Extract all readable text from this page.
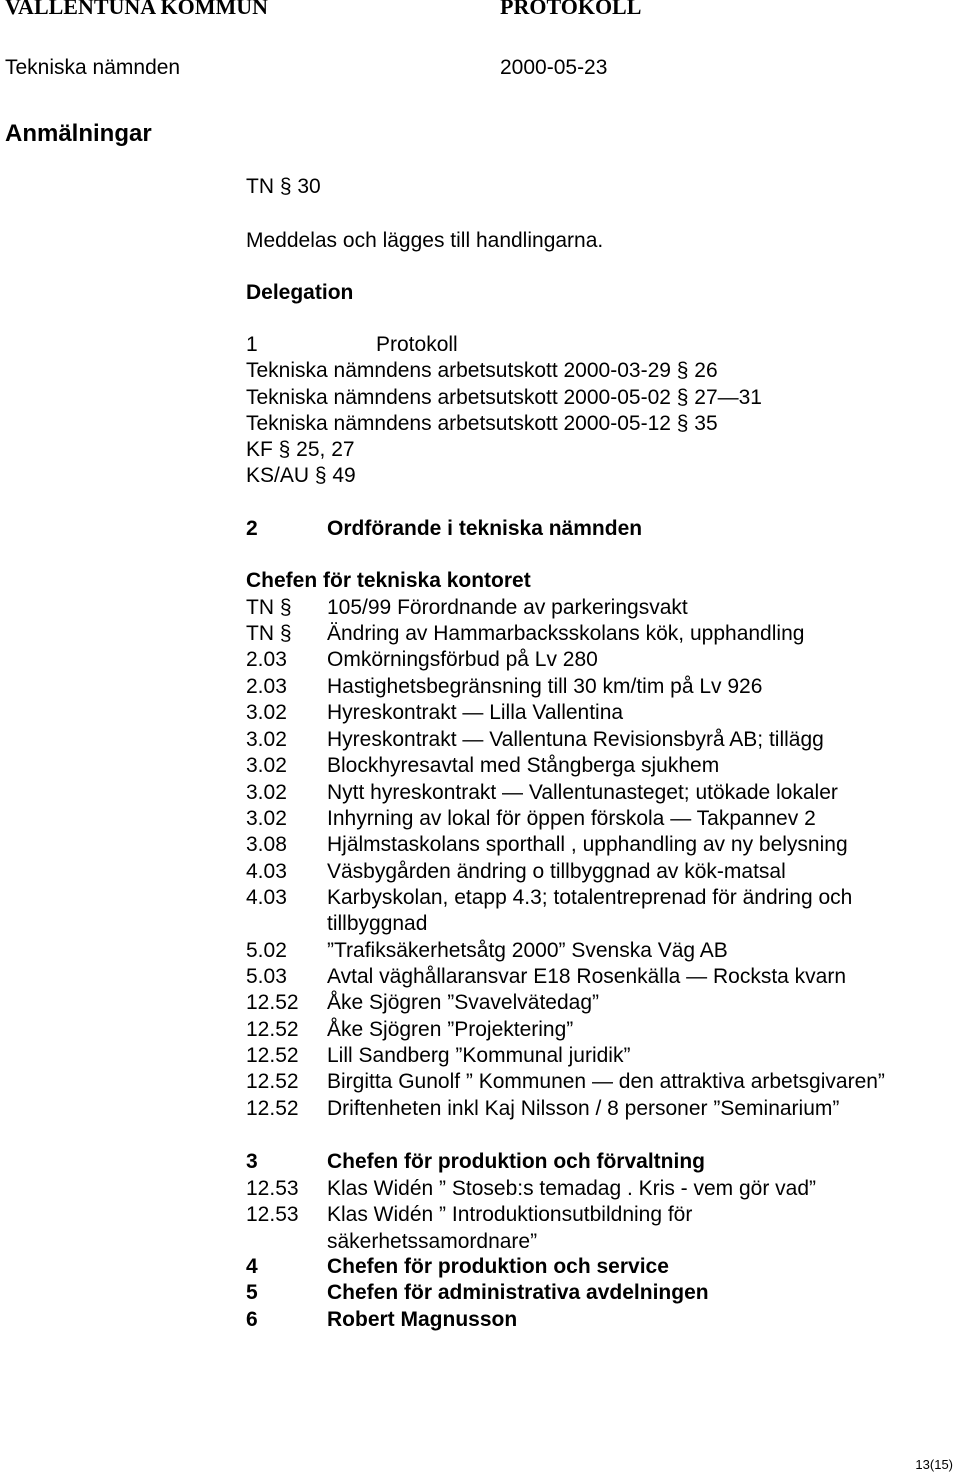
VALLENTUNA KOMMUN	PROTOKOLL
Tekniska nämnden	2000-05-23
Anmälningar
TN § 30
Meddelas och lägges till handlingarna.
Delegation
1	Protokoll
Tekniska nämndens arbetsutskott 2000-03-29 § 26
Tekniska nämndens arbetsutskott 2000-05-02 § 27—31
Tekniska nämndens arbetsutskott 2000-05-12 § 35
KF § 25, 27
KS/AU § 49
2	Ordförande i tekniska nämnden
Chefen för tekniska kontoret
TN § 105/99 Förordnande av parkeringsvakt
TN § Ändring av Hammarbacksskolans kök, upphandling
2.03 Omkörningsförbud på Lv 280
2.03 Hastighetsbegränsning till 30 km/tim på Lv 926
3.02 Hyreskontrakt — Lilla Vallentina
3.02 Hyreskontrakt — Vallentuna Revisionsbyrå AB; tillägg
3.02 Blockhyresavtal med Stångberga sjukhem
3.02 Nytt hyreskontrakt — Vallentunasteget; utökade lokaler
3.02 Inhyrning av lokal för öppen förskola — Takpannev 2
3.08 Hjälmstaskolans sporthall , upphandling av ny belysning
4.03 Väsbygården ändring o tillbyggnad av kök-matsal
4.03 Karbyskolan, etapp 4.3; totalentreprenad för ändring och
tillbyggnad
5.02 ”Trafiksäkerhetsåtg 2000” Svenska Väg AB
5.03 Avtal väghållaransvar E18 Rosenkälla — Rocksta kvarn
12.52 Åke Sjögren ”Svavelvätedag”
12.52 Åke Sjögren ”Projektering”
12.52 Lill Sandberg ”Kommunal juridik”
12.52 Birgitta Gunolf ” Kommunen — den attraktiva arbetsgivaren”
12.52 Driftenheten inkl Kaj Nilsson / 8 personer ”Seminarium”
3	Chefen för produktion och förvaltning
12.53 Klas Widén ” Stoseb:s temadag . Kris - vem gör vad”
12.53 Klas Widén ” Introduktionsutbildning för
säkerhetssamordnare”
4	Chefen för produktion och service
5	Chefen för administrativa avdelningen
6	Robert Magnusson
13(15)
